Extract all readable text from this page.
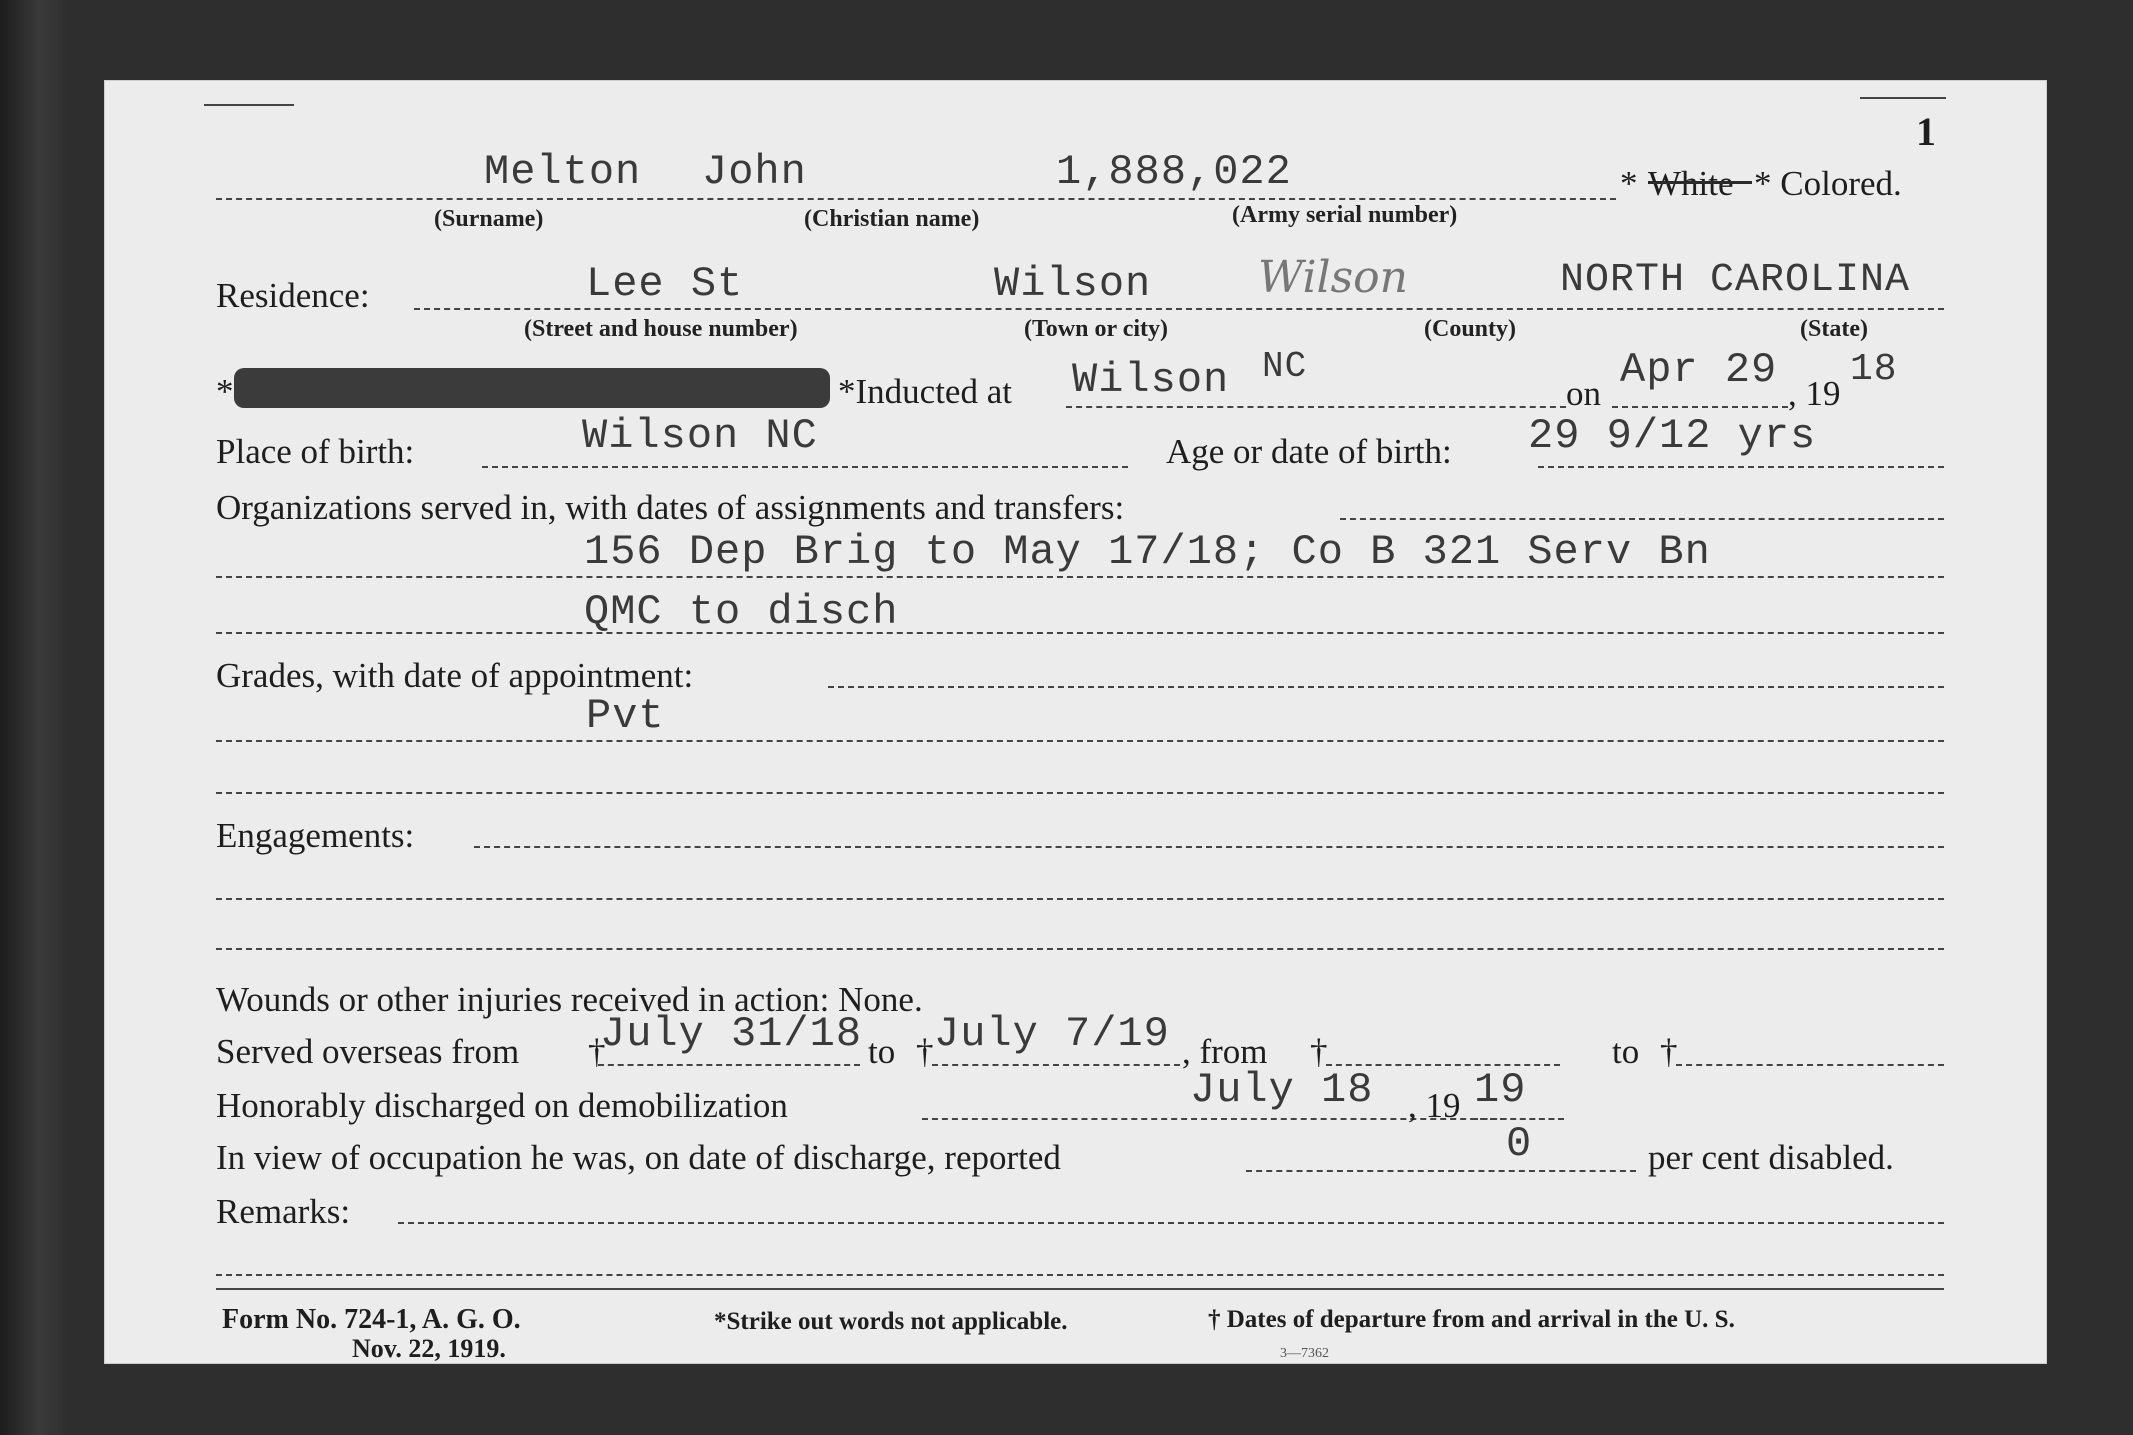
1
Melton John	1,888,022	* White * Colored.
(Surname)	(Christian name)	(Army serial number)
Residence:	Lee St	Wilson Wilson	NORTH CAROLINA
(Street and house number)	(Town or city)	(County)	(State)
*	*Inducted at Wilson NC
on Apr 29 , 19
18
Place of birth:	Wilson NC	Age or date of birth: 29 9/12 yrs
Organizations served in, with dates of assignments and transfers:
156 Dep Brig to May 17/18; Co B 321 Serv Bn
QMC to disch
Grades, with date of appointment:
Pvt
Engagements:
Wounds or other injuries received in action: None.
Served overseas from †
July 31/18 to † July 7/19 , from †	to †
Honorably discharged on demobilization	July 18 , 19 19
In view of occupation he was, on date of discharge, reported	0	per cent disabled.
Remarks:
Form No. 724-1, A. G. O.
Nov. 22, 1919.
*Strike out words not applicable.	† Dates of departure from and arrival in the U. S.
3—7362
